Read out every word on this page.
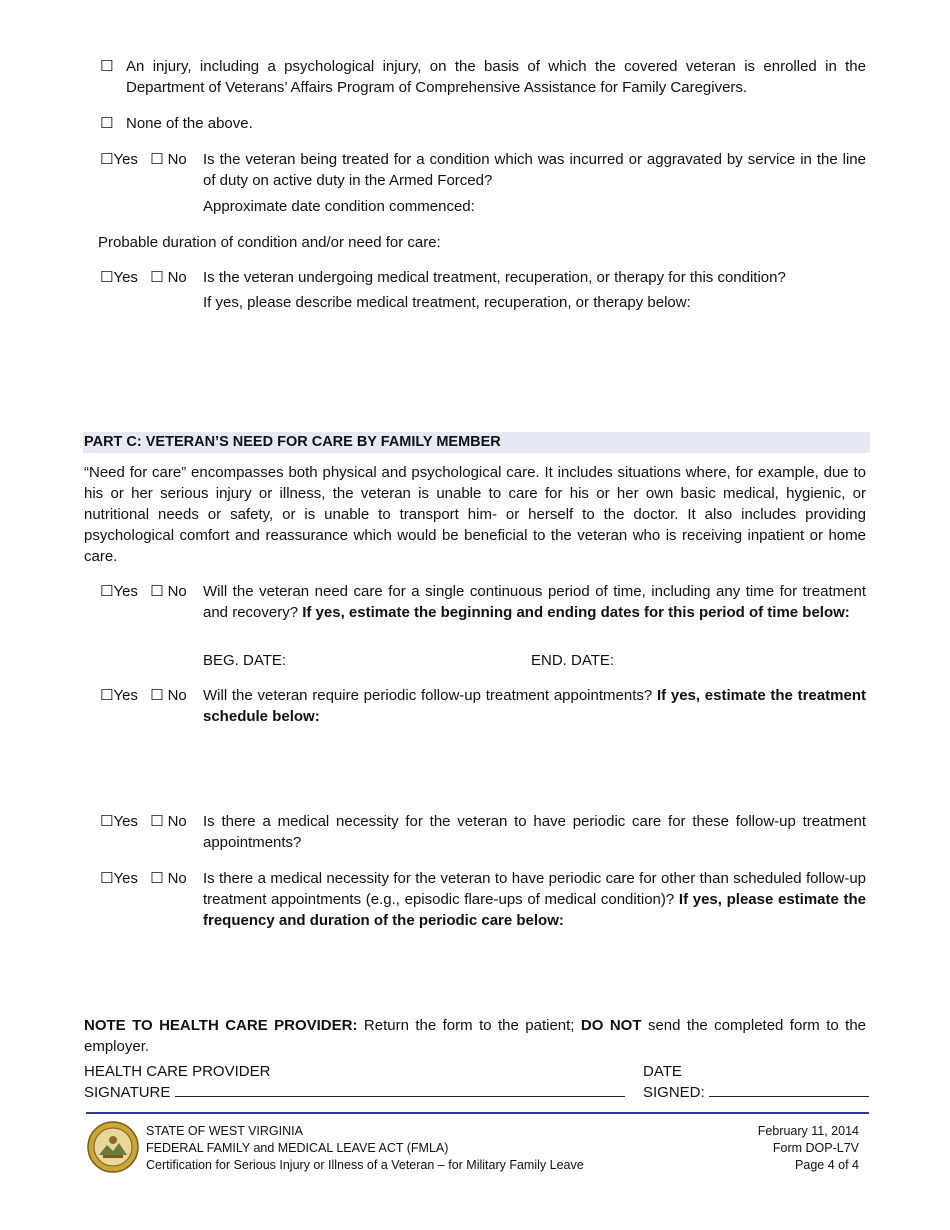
☐ An injury, including a psychological injury, on the basis of which the covered veteran is enrolled in the Department of Veterans’ Affairs Program of Comprehensive Assistance for Family Caregivers.
☐ None of the above.
☐Yes ☐ No Is the veteran being treated for a condition which was incurred or aggravated by service in the line of duty on active duty in the Armed Forced?
Approximate date condition commenced:
Probable duration of condition and/or need for care:
☐Yes ☐ No Is the veteran undergoing medical treatment, recuperation, or therapy for this condition?
If yes, please describe medical treatment, recuperation, or therapy below:
PART C: VETERAN’S NEED FOR CARE BY FAMILY MEMBER
“Need for care” encompasses both physical and psychological care. It includes situations where, for example, due to his or her serious injury or illness, the veteran is unable to care for his or her own basic medical, hygienic, or nutritional needs or safety, or is unable to transport him- or herself to the doctor. It also includes providing psychological comfort and reassurance which would be beneficial to the veteran who is receiving inpatient or home care.
☐Yes ☐ No Will the veteran need care for a single continuous period of time, including any time for treatment and recovery? If yes, estimate the beginning and ending dates for this period of time below:
BEG. DATE:	END. DATE:
☐Yes ☐ No Will the veteran require periodic follow-up treatment appointments? If yes, estimate the treatment schedule below:
☐Yes ☐ No Is there a medical necessity for the veteran to have periodic care for these follow-up treatment appointments?
☐Yes ☐ No Is there a medical necessity for the veteran to have periodic care for other than scheduled follow-up treatment appointments (e.g., episodic flare-ups of medical condition)? If yes, please estimate the frequency and duration of the periodic care below:
NOTE TO HEALTH CARE PROVIDER: Return the form to the patient; DO NOT send the completed form to the employer.
HEALTH CARE PROVIDER
SIGNATURE
DATE
SIGNED:
STATE OF WEST VIRGINIA
FEDERAL FAMILY and MEDICAL LEAVE ACT (FMLA)
Certification for Serious Injury or Illness of a Veteran – for Military Family Leave
February 11, 2014
Form DOP-L7V
Page 4 of 4
